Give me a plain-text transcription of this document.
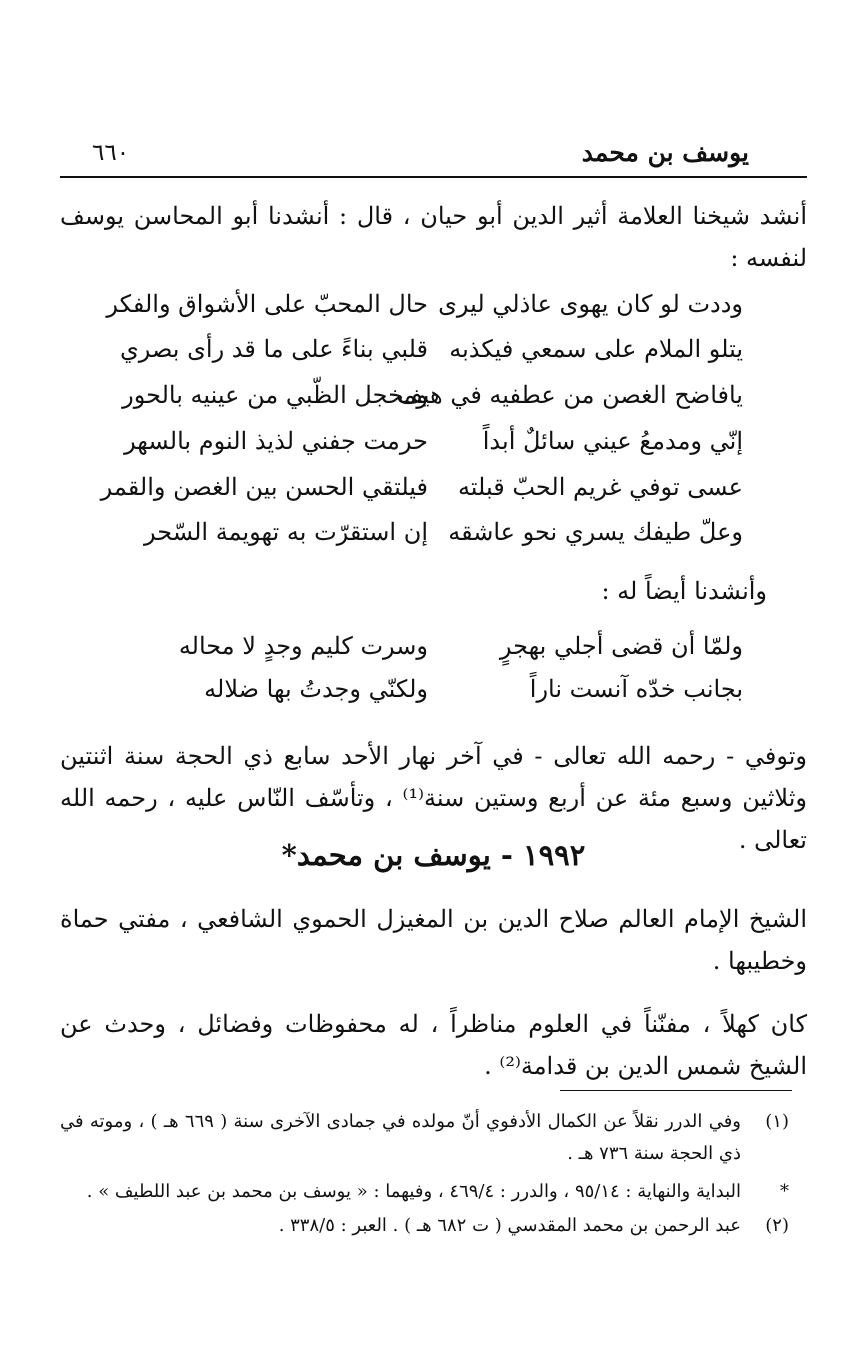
يوسف بن محمد
٦٦٠
أنشد شيخنا العلامة أثير الدين أبو حيان ، قال : أنشدنا أبو المحاسن يوسف لنفسه :
وددت لو كان يهوى عاذلي ليرى
حال المحبّ على الأشواق والفكر
يتلو الملام على سمعي فيكذبه
قلبي بناءً على ما قد رأى بصري
يافاضح الغصن من عطفيه في هيف
ومخجل الظّبي من عينيه بالحور
إنّي ومدمعُ عيني سائلٌ أبداً
حرمت جفني لذيذ النوم بالسهر
عسى توفي غريم الحبّ قبلته
فيلتقي الحسن بين الغصن والقمر
وعلّ طيفك يسري نحو عاشقه
إن استقرّت به تهويمة السّحر
وأنشدنا أيضاً له :
ولمّا أن قضى أجلي بهجرٍ
وسرت كليم وجدٍ لا محاله
بجانب خدّه آنست ناراً
ولكنّي وجدتُ بها ضلاله
وتوفي - رحمه الله تعالى - في آخر نهار الأحد سابع ذي الحجة سنة اثنتين وثلاثين وسبع مئة عن أربع وستين سنة⁽¹⁾ ، وتأسّف النّاس عليه ، رحمه الله تعالى .
١٩٩٢ - يوسف بن محمد*
الشيخ الإمام العالم صلاح الدين بن المغيزل الحموي الشافعي ، مفتي حماة وخطيبها .
كان كهلاً ، مفنّناً في العلوم مناظراً ، له محفوظات وفضائل ، وحدث عن الشيخ شمس الدين بن قدامة⁽²⁾ .
(١)
وفي الدرر نقلاً عن الكمال الأدفوي أنّ مولده في جمادى الآخرى سنة ( ٦٦٩ هـ ) ، وموته في ذي الحجة سنة ٧٣٦ هـ .
*
البداية والنهاية : ٩٥/١٤ ، والدرر : ٤٦٩/٤ ، وفيهما : « يوسف بن محمد بن عبد اللطيف » .
(٢)
عبد الرحمن بن محمد المقدسي ( ت ٦٨٢ هـ ) . العبر : ٣٣٨/٥ .
